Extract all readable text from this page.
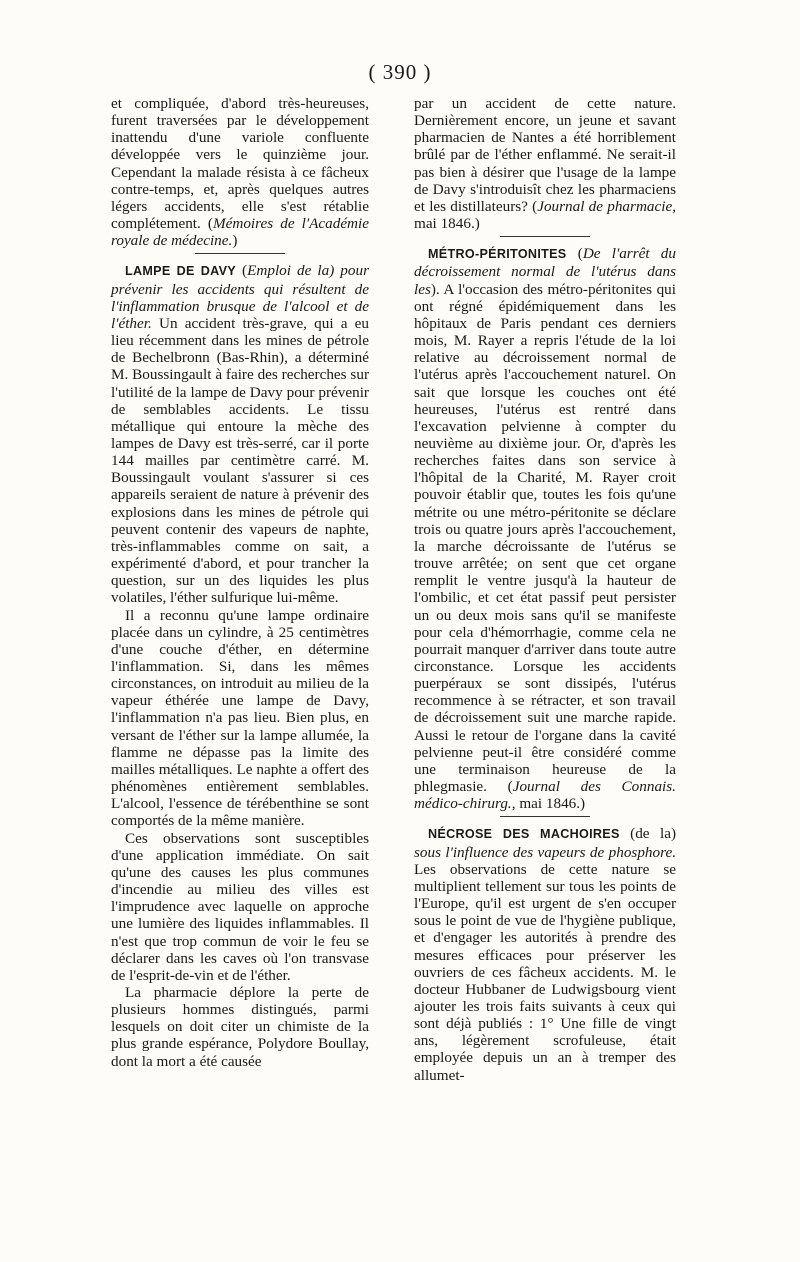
( 390 )

et compliquée, d'abord très-heureuses, furent traversées par le développement inattendu d'une variole confluente développée vers le quinzième jour. Cependant la malade résista à ce fâcheux contre-temps, et, après quelques autres légers accidents, elle s'est rétablie complétement. (Mémoires de l'Académie royale de médecine.)

LAMPE DE DAVY (Emploi de la) pour prévenir les accidents qui résultent de l'inflammation brusque de l'alcool et de l'éther. Un accident très-grave, qui a eu lieu récemment dans les mines de pétrole de Bechelbronn (Bas-Rhin), a déterminé M. Boussingault à faire des recherches sur l'utilité de la lampe de Davy pour prévenir de semblables accidents. Le tissu métallique qui entoure la mèche des lampes de Davy est très-serré, car il porte 144 mailles par centimètre carré. M. Boussingault voulant s'assurer si ces appareils seraient de nature à prévenir des explosions dans les mines de pétrole qui peuvent contenir des vapeurs de naphte, très-inflammables comme on sait, a expérimenté d'abord, et pour trancher la question, sur un des liquides les plus volatiles, l'éther sulfurique lui-même.

Il a reconnu qu'une lampe ordinaire placée dans un cylindre, à 25 centimètres d'une couche d'éther, en détermine l'inflammation. Si, dans les mêmes circonstances, on introduit au milieu de la vapeur éthérée une lampe de Davy, l'inflammation n'a pas lieu. Bien plus, en versant de l'éther sur la lampe allumée, la flamme ne dépasse pas la limite des mailles métalliques. Le naphte a offert des phénomènes entièrement semblables. L'alcool, l'essence de térébenthine se sont comportés de la même manière.

Ces observations sont susceptibles d'une application immédiate. On sait qu'une des causes les plus communes d'incendie au milieu des villes est l'imprudence avec laquelle on approche une lumière des liquides inflammables. Il n'est que trop commun de voir le feu se déclarer dans les caves où l'on transvase de l'esprit-de-vin et de l'éther.

La pharmacie déplore la perte de plusieurs hommes distingués, parmi lesquels on doit citer un chimiste de la plus grande espérance, Polydore Boullay, dont la mort a été causée

par un accident de cette nature. Dernièrement encore, un jeune et savant pharmacien de Nantes a été horriblement brûlé par de l'éther enflammé. Ne serait-il pas bien à désirer que l'usage de la lampe de Davy s'introduisît chez les pharmaciens et les distillateurs? (Journal de pharmacie, mai 1846.)

MÉTRO-PÉRITONITES (De l'arrêt du décroissement normal de l'utérus dans les). A l'occasion des métro-péritonites qui ont régné épidémiquement dans les hôpitaux de Paris pendant ces derniers mois, M. Rayer a repris l'étude de la loi relative au décroissement normal de l'utérus après l'accouchement naturel. On sait que lorsque les couches ont été heureuses, l'utérus est rentré dans l'excavation pelvienne à compter du neuvième au dixième jour. Or, d'après les recherches faites dans son service à l'hôpital de la Charité, M. Rayer croit pouvoir établir que, toutes les fois qu'une métrite ou une métro-péritonite se déclare trois ou quatre jours après l'accouchement, la marche décroissante de l'utérus se trouve arrêtée; on sent que cet organe remplit le ventre jusqu'à la hauteur de l'ombilic, et cet état passif peut persister un ou deux mois sans qu'il se manifeste pour cela d'hémorrhagie, comme cela ne pourrait manquer d'arriver dans toute autre circonstance. Lorsque les accidents puerpéraux se sont dissipés, l'utérus recommence à se rétracter, et son travail de décroissement suit une marche rapide. Aussi le retour de l'organe dans la cavité pelvienne peut-il être considéré comme une terminaison heureuse de la phlegmasie. (Journal des Connais. médico-chirurg., mai 1846.)

NÉCROSE DES MACHOIRES (de la) sous l'influence des vapeurs de phosphore. Les observations de cette nature se multiplient tellement sur tous les points de l'Europe, qu'il est urgent de s'en occuper sous le point de vue de l'hygiène publique, et d'engager les autorités à prendre des mesures efficaces pour préserver les ouvriers de ces fâcheux accidents. M. le docteur Hubbaner de Ludwigsbourg vient ajouter les trois faits suivants à ceux qui sont déjà publiés : 1° Une fille de vingt ans, légèrement scrofuleuse, était employée depuis un an à tremper des allumet-
